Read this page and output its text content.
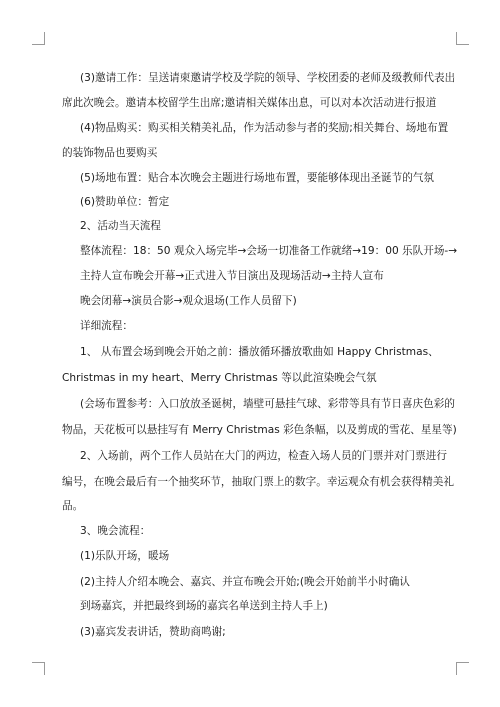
(3)邀请工作：呈送请柬邀请学校及学院的领导、学校团委的老师及级教师代表出
席此次晚会。邀请本校留学生出席;邀请相关媒体出息，可以对本次活动进行报道
(4)物品购买：购买相关精美礼品，作为活动参与者的奖励;相关舞台、场地布置
的装饰物品也要购买
(5)场地布置：贴合本次晚会主题进行场地布置，要能够体现出圣诞节的气氛
(6)赞助单位：暂定
2、活动当天流程
整体流程：18：50 观众入场完毕→会场一切准备工作就绪→19：00 乐队开场-→
主持人宣布晚会开幕→正式进入节目演出及现场活动→主持人宣布
晚会闭幕→演员合影→观众退场(工作人员留下)
详细流程：
1、 从布置会场到晚会开始之前：播放循环播放歌曲如 Happy Christmas、
Christmas in my heart、Merry Christmas 等以此渲染晚会气氛
(会场布置参考：入口放放圣诞树，墙壁可悬挂气球、彩带等具有节日喜庆色彩的
物品，天花板可以悬挂写有 Merry Christmas 彩色条幅，以及剪成的雪花、星星等)
2、入场前，两个工作人员站在大门的两边，检查入场人员的门票并对门票进行
编号，在晚会最后有一个抽奖环节，抽取门票上的数字。幸运观众有机会获得精美礼
品。
3、晚会流程：
(1)乐队开场，暖场
(2)主持人介绍本晚会、嘉宾、并宣布晚会开始;(晚会开始前半小时确认
到场嘉宾，并把最终到场的嘉宾名单送到主持人手上)
(3)嘉宾发表讲话，赞助商鸣谢;
